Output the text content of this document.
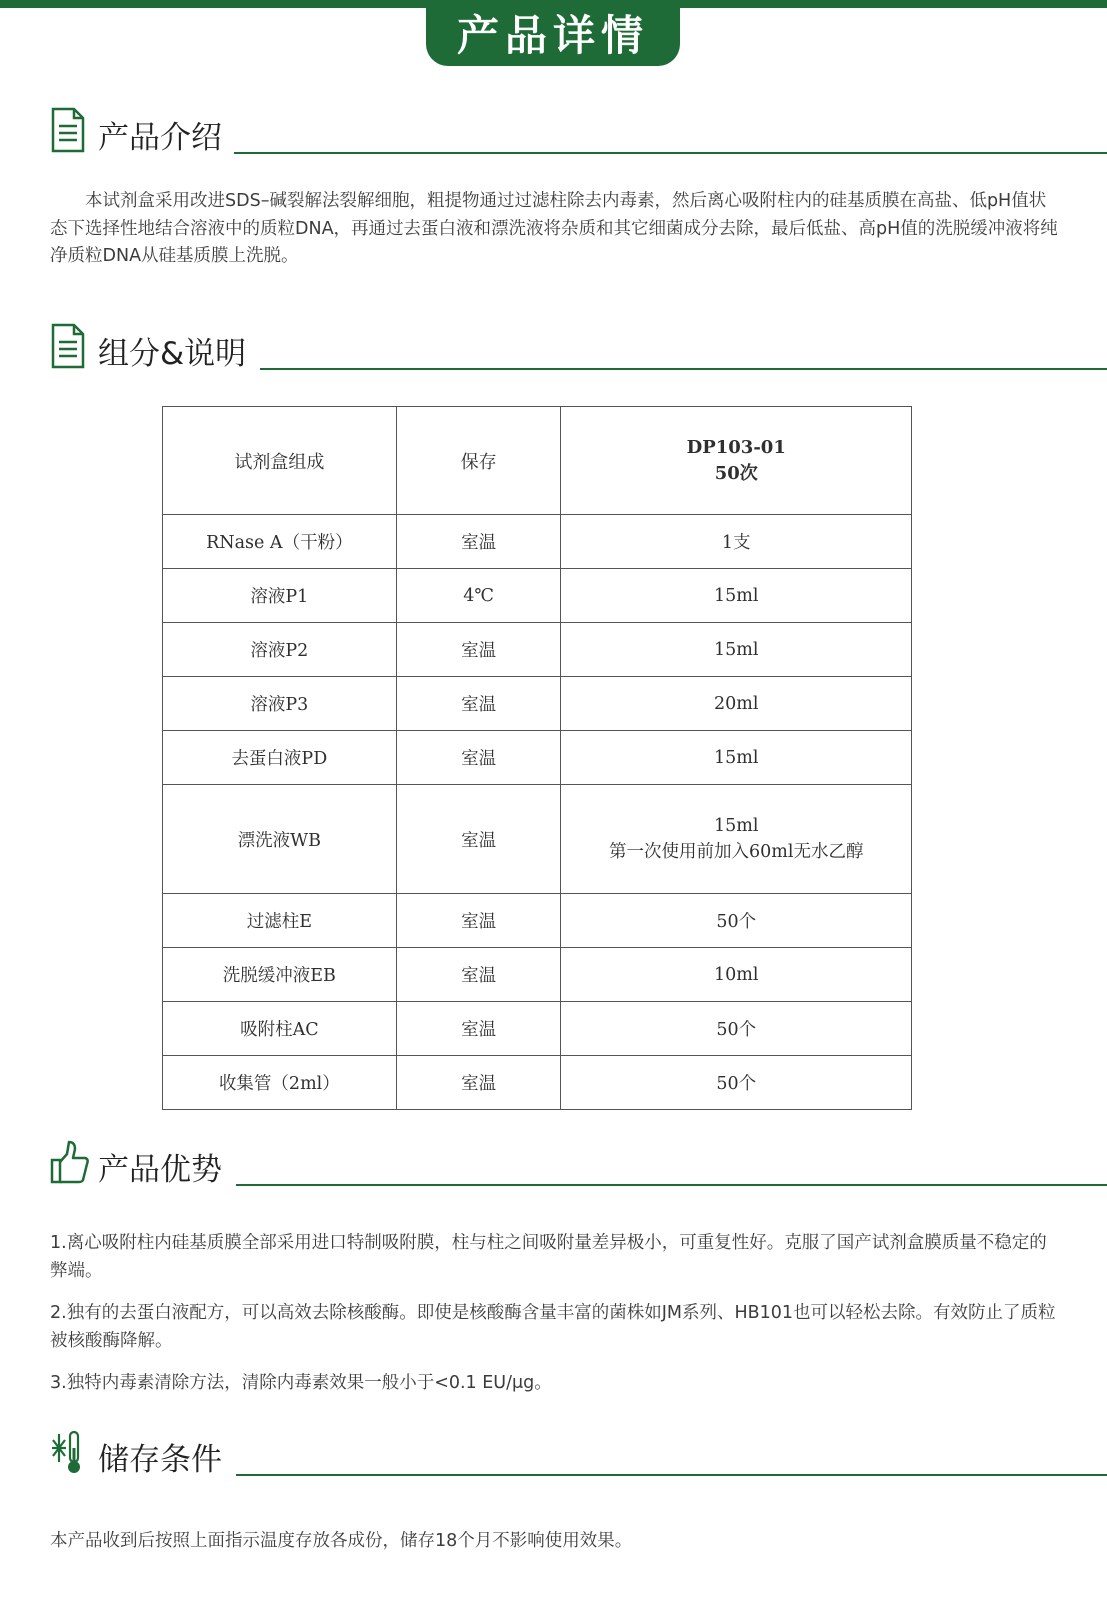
产品详情
产品介绍
本试剂盒采用改进SDS–碱裂解法裂解细胞，粗提物通过过滤柱除去内毒素，然后离心吸附柱内的硅基质膜在高盐、低pH值状态下选择性地结合溶液中的质粒DNA，再通过去蛋白液和漂洗液将杂质和其它细菌成分去除，最后低盐、高pH值的洗脱缓冲液将纯净质粒DNA从硅基质膜上洗脱。
组分&说明
试剂盒组成	保存	DP103-01
50次

RNase A（干粉）	室温	1支
溶液P1	4℃	15ml
溶液P2	室温	15ml
溶液P3	室温	20ml
去蛋白液PD	室温	15ml
漂洗液WB	室温	15ml
第一次使用前加入60ml无水乙醇

过滤柱E	室温	50个
洗脱缓冲液EB	室温	10ml
吸附柱AC	室温	50个
收集管（2ml）	室温	50个
产品优势
1.离心吸附柱内硅基质膜全部采用进口特制吸附膜，柱与柱之间吸附量差异极小，可重复性好。克服了国产试剂盒膜质量不稳定的弊端。
2.独有的去蛋白液配方，可以高效去除核酸酶。即使是核酸酶含量丰富的菌株如JM系列、HB101也可以轻松去除。有效防止了质粒被核酸酶降解。
3.独特内毒素清除方法，清除内毒素效果一般小于<0.1 EU/μg。
储存条件
本产品收到后按照上面指示温度存放各成份，储存18个月不影响使用效果。
